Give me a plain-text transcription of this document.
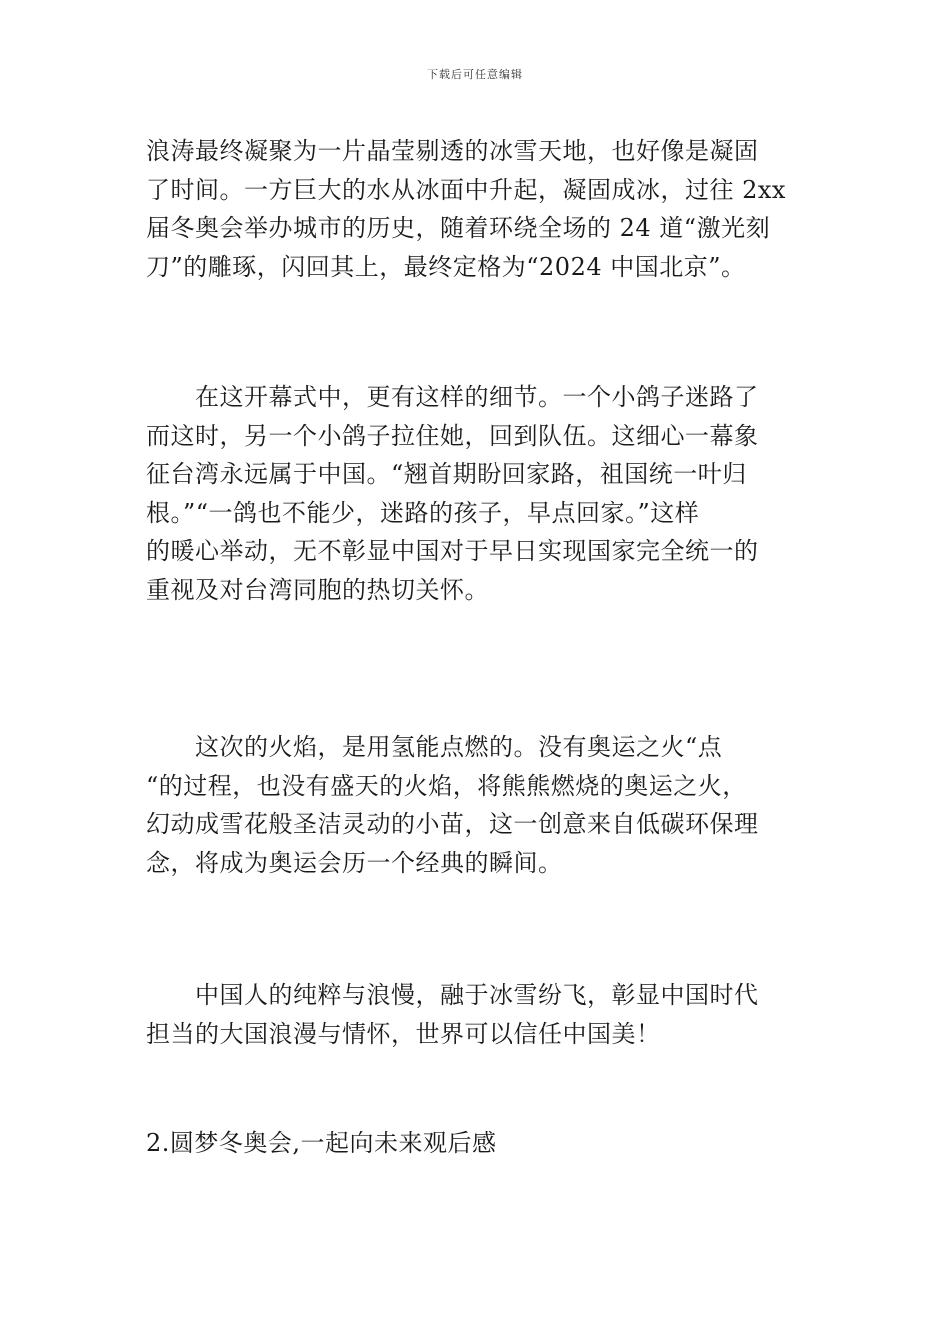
下载后可任意编辑

浪涛最终凝聚为一片晶莹剔透的冰雪天地，也好像是凝固
了时间。一方巨大的水从冰面中升起，凝固成冰，过往 2xx
届冬奥会举办城市的历史，随着环绕全场的 24 道“激光刻
刀”的雕琢，闪回其上，最终定格为“2024 中国北京”。

　　在这开幕式中，更有这样的细节。一个小鸽子迷路了
而这时，另一个小鸽子拉住她，回到队伍。这细心一幕象
征台湾永远属于中国。“翘首期盼回家路，祖国统一叶归
根。”“一鸽也不能少，迷路的孩子，早点回家。”这样
的暖心举动，无不彰显中国对于早日实现国家完全统一的
重视及对台湾同胞的热切关怀。

　　这次的火焰，是用氢能点燃的。没有奥运之火“点
“的过程，也没有盛天的火焰，将熊熊燃烧的奥运之火，
幻动成雪花般圣洁灵动的小苗，这一创意来自低碳环保理
念，将成为奥运会历一个经典的瞬间。

　　中国人的纯粹与浪慢，融于冰雪纷飞，彰显中国时代
担当的大国浪漫与情怀，世界可以信任中国美！

2.圆梦冬奥会,一起向未来观后感
